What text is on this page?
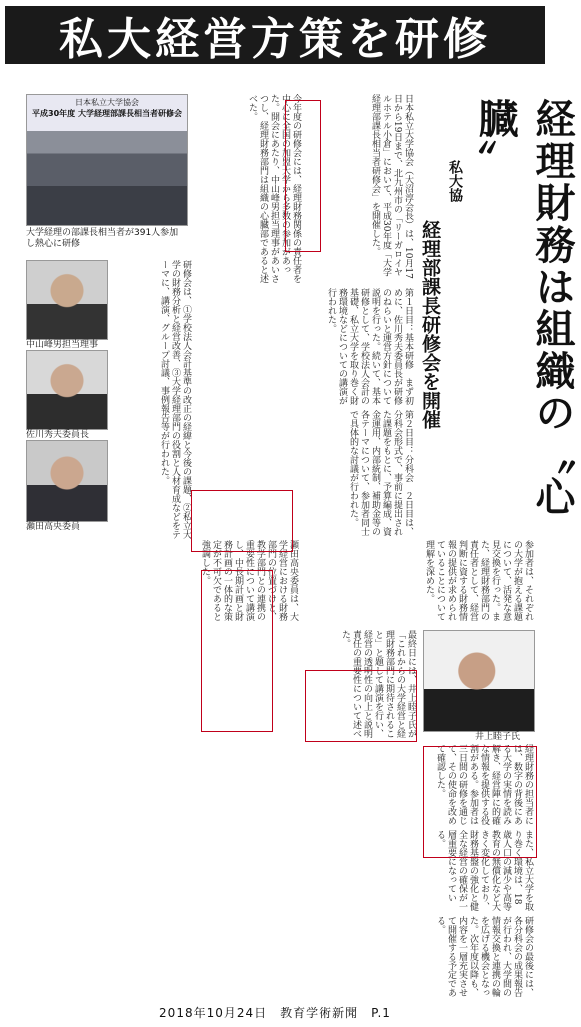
私大経営方策を研修
日本私立大学協会
平成30年度 大学経理部課長相当者研修会
大学経理の部課長相当者が391人参加し熱心に研修
中山峰男担当理事
佐川秀夫委員長
瀬田高央委員
井上睦子氏
経理財務は組織の〝心臓〟
私大協
経理部課長研修会を開催
日本私立大学協会（大沼淳会長）は、10月17日から19日まで、北九州市の「リーガロイヤルホテル小倉」において、平成30年度「大学経理部課長相当者研修会」を開催した。
今年度の研修会には、経理財務関係の責任者を中心に全国の加盟大学から多数の参加があった。開会にあたり、中山峰男担当理事があいさつし、経理財務部門は組織の心臓部であると述べた。
研修会は、①学校法人会計基準の改正の経緯と今後の課題、②私立大学の財務分析と経営改善、③大学経理部門の役割と人材育成などをテーマに、講演、グループ討議、事例報告等が行われた。	第１日目：基本研修　まず初めに、佐川秀夫委員長が研修のねらいと運営方針について説明を行った。続いて、基本研修として、学校法人会計の基礎、私立大学を取り巻く財務環境などについての講演が行われた。
参加者は、それぞれの大学が抱える課題について、活発な意見交換を行った。また、経理財務部門の責任者として、経営判断に資する財務情報の提供が求められていることについて理解を深めた。
第２日目：分科会　２日目は、分科会形式で、事前に提出された課題をもとに、予算編成、資金運用、内部統制、補助金等の各テーマについて、参加者同士で具体的な討議が行われた。
瀬田高央委員は、大学経営における財務部門の位置づけと、教学部門との連携の重要性について講演し、中長期計画と財務計画の一体的な策定が不可欠であると強調した。
最終日には、井上睦子氏が「これからの大学経営と経理財務部門に期待されること」と題して講演を行い、経営の透明性の向上と説明責任の重要性について述べた。
経理財務の担当者には、数字の背後にある大学の実情を読み解き、経営陣に的確な情報を提供する役割がある。参加者は三日間の研修を通じて、その使命を改めて確認した。
また、私立大学を取り巻く環境は、18歳人口の減少や高等教育の無償化など大きく変化しており、財務基盤の強化と健全な経営の確保が一層重要になっている。
研修会の最後には、各分科会の成果報告が行われ、大学間の情報交換と連携の輪を広げる機会となった。次年度以降も、内容を一層充実させて開催する予定である。
2018年10月24日　教育学術新聞　P.1
